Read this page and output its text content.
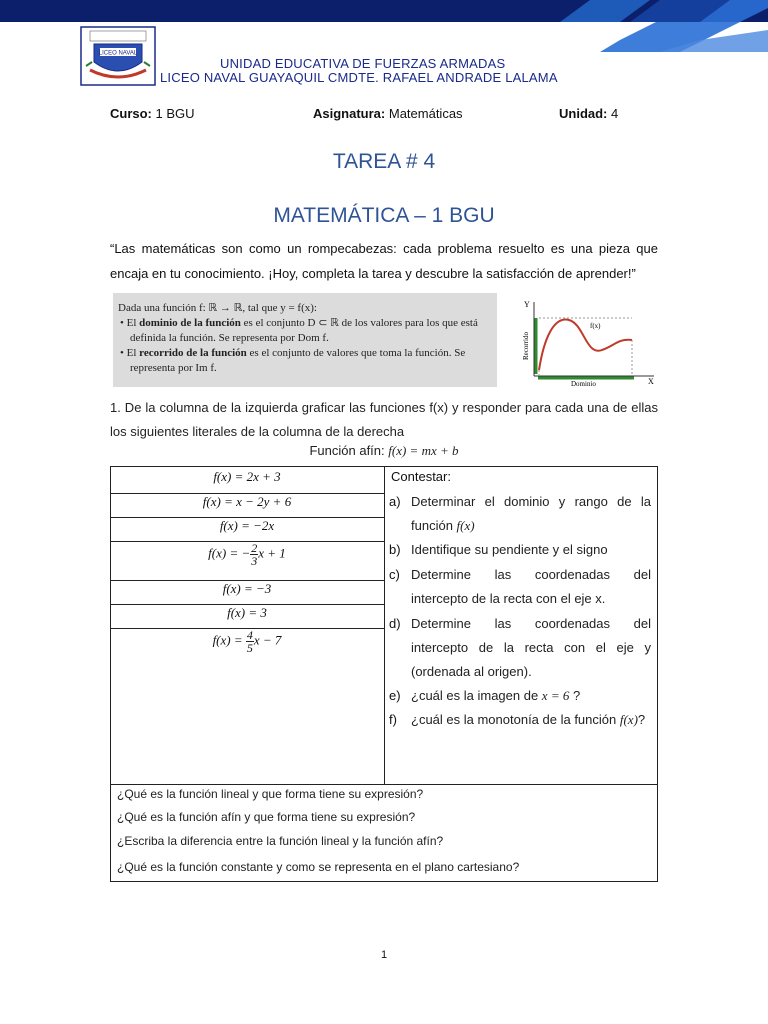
LICEO NAVAL
UNIDAD EDUCATIVA DE FUERZAS ARMADAS
LICEO NAVAL GUAYAQUIL CMDTE. RAFAEL ANDRADE LALAMA
Curso: 1 BGU	Asignatura: Matemáticas	Unidad: 4
TAREA # 4
MATEMÁTICA – 1 BGU
“Las matemáticas son como un rompecabezas: cada problema resuelto es una pieza que encaja en tu conocimiento. ¡Hoy, completa la tarea y descubre la satisfacción de aprender!”
Dada una función f: ℝ → ℝ, tal que y = f(x):
• El dominio de la función es el conjunto D ⊂ ℝ de los valores para los que está definida la función. Se representa por Dom f.
• El recorrido de la función es el conjunto de valores que toma la función. Se representa por Im f.
Y
X
Recorrido
Dominio
f(x)
1. De la columna de la izquierda graficar las funciones f(x) y responder para cada una de ellas los siguientes literales de la columna de la derecha
Función afín: f(x) = mx + b
f(x) = 2x + 3
f(x) = x − 2y + 6
f(x) = −2x
f(x) = − $\frac{2}{3}$ x + 1
f(x) = −3
f(x) = 3
$f(x) = \frac{4}{5}$ x − 7
Contestar:
a) Determinar el dominio y rango de la función f(x)
b) Identifique su pendiente y el signo
c) Determine las coordenadas del intercepto de la recta con el eje x.
d) Determine las coordenadas del intercepto de la recta con el eje y (ordenada al origen).
e) ¿cuál es la imagen de x = 6 ?
f)	¿cuál es la monotonía de la función f(x)?
¿Qué es la función lineal y que forma tiene su expresión?
¿Qué es la función afín y que forma tiene su expresión?
¿Escriba la diferencia entre la función lineal y la función afín?
¿Qué es la función constante y como se representa en el plano cartesiano?
1
